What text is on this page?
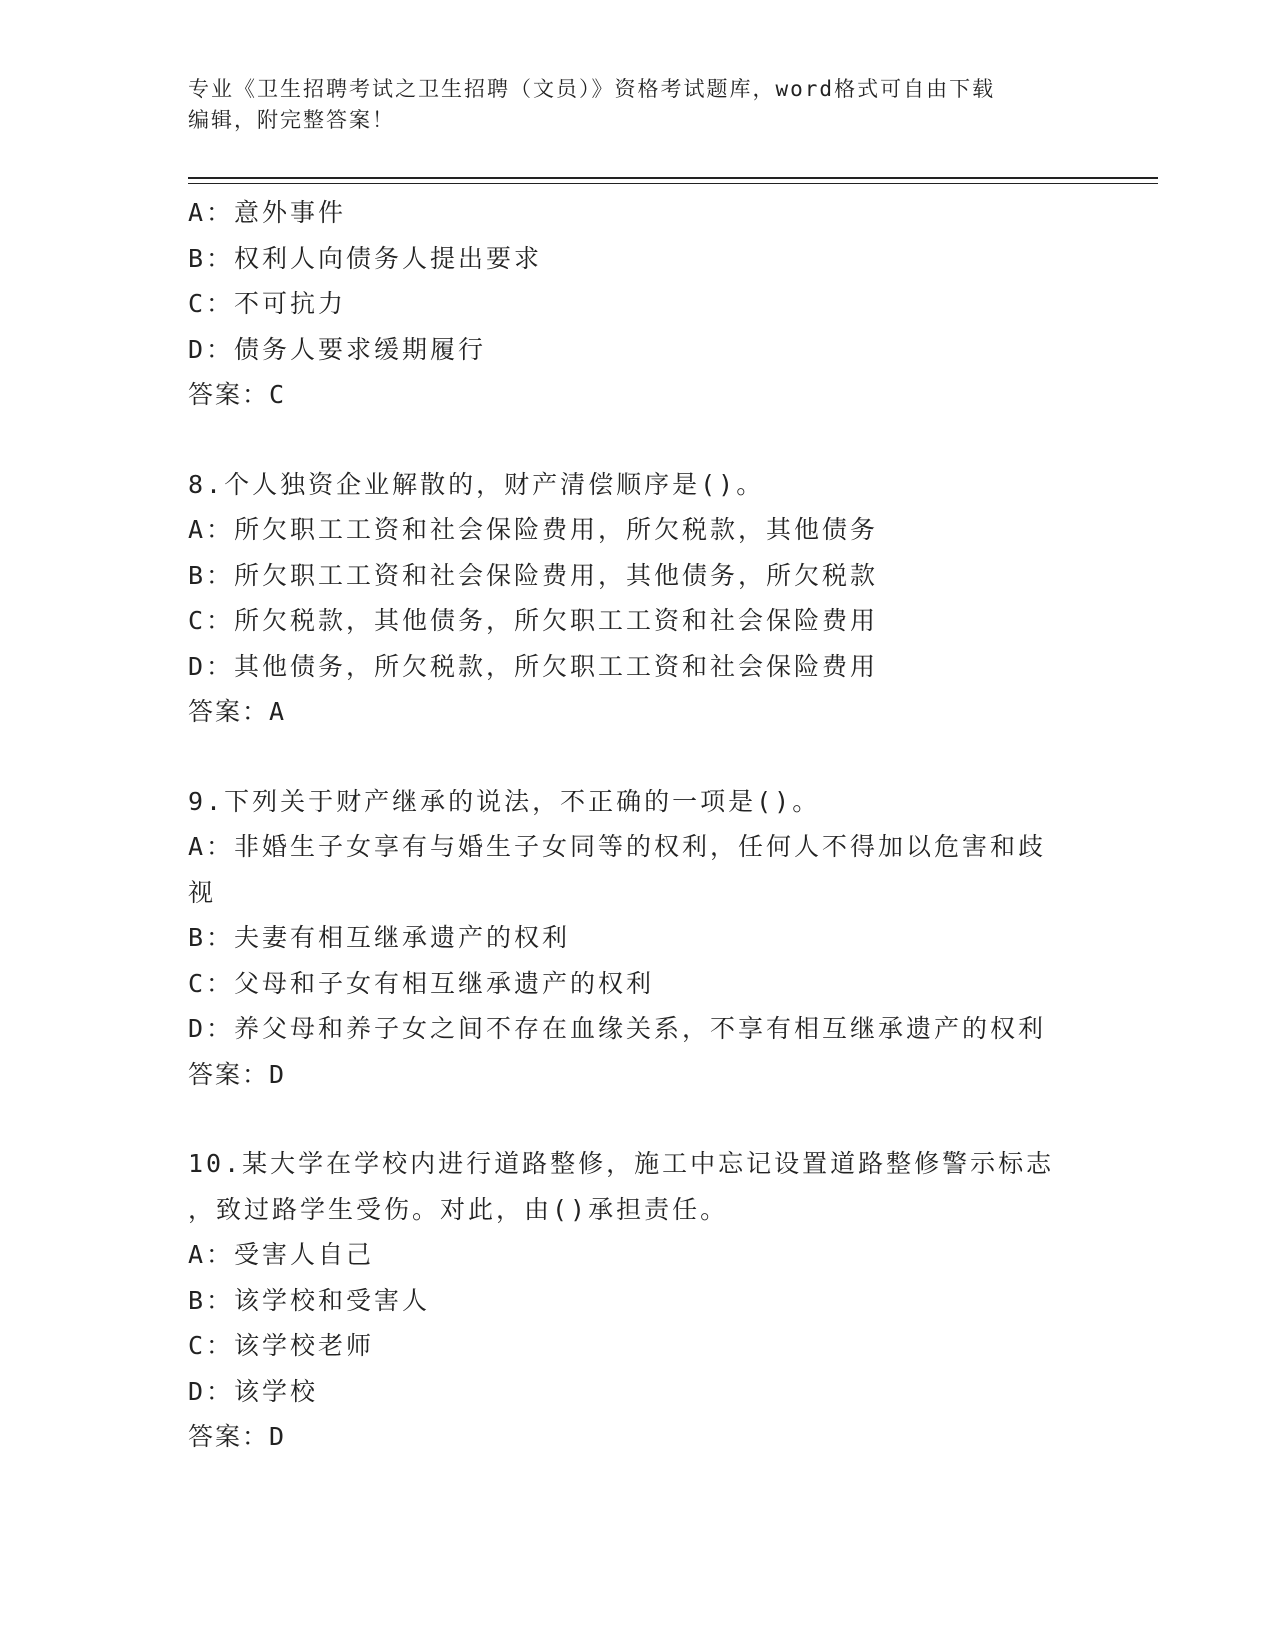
专业《卫生招聘考试之卫生招聘（文员）》资格考试题库，word格式可自由下载
编辑，附完整答案！
A：意外事件
B：权利人向债务人提出要求
C：不可抗力
D：债务人要求缓期履行
答案：C
8.个人独资企业解散的，财产清偿顺序是()。
A：所欠职工工资和社会保险费用，所欠税款，其他债务
B：所欠职工工资和社会保险费用，其他债务，所欠税款
C：所欠税款，其他债务，所欠职工工资和社会保险费用
D：其他债务，所欠税款，所欠职工工资和社会保险费用
答案：A
9.下列关于财产继承的说法，不正确的一项是()。
A：非婚生子女享有与婚生子女同等的权利，任何人不得加以危害和歧
视
B：夫妻有相互继承遗产的权利
C：父母和子女有相互继承遗产的权利
D：养父母和养子女之间不存在血缘关系，不享有相互继承遗产的权利
答案：D
10.某大学在学校内进行道路整修，施工中忘记设置道路整修警示标志
，致过路学生受伤。对此，由()承担责任。
A：受害人自己
B：该学校和受害人
C：该学校老师
D：该学校
答案：D
